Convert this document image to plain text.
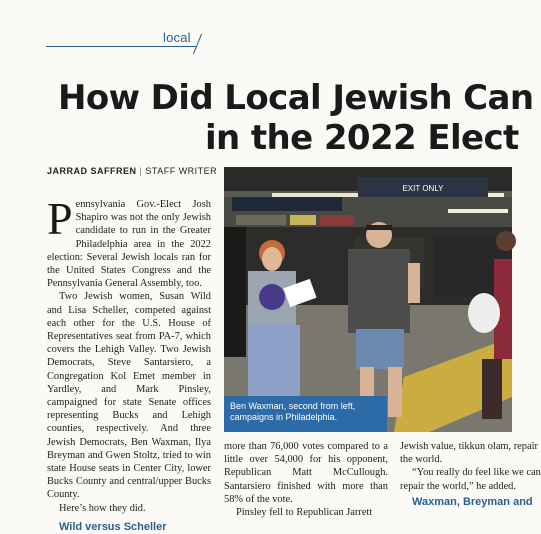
local
How Did Local Jewish Can
in the 2022 Elect
JARRAD SAFFREN | STAFF WRITER

Pennsylvania Gov.-Elect Josh Shapiro was not the only Jewish candidate to run in the Greater Philadelphia area in the 2022 election: Several Jewish locals ran for the United States Congress and the Pennsylvania General Assembly, too.

Two Jewish women, Susan Wild and Lisa Scheller, competed against each other for the U.S. House of Representatives seat from PA-7, which covers the Lehigh Valley. Two Jewish Democrats, Steve Santarsiero, a Congregation Kol Emet member in Yardley, and Mark Pinsley, campaigned for state Senate offices representing Bucks and Lehigh counties, respectively. And three Jewish Democrats, Ben Waxman, Ilya Breyman and Gwen Stoltz, tried to win state House seats in Center City, lower Bucks County and central/upper Bucks County.

Here’s how they did.

Wild versus Scheller

EXIT ONLY
Ben Waxman, second from left, campaigns in Philadelphia.

more than 76,000 votes compared to a little over 54,000 for his opponent, Republican Matt McCullough. Santarsiero finished with more than 58% of the vote.

Pinsley fell to Republican Jarrett

Jewish value, tikkun olam, repair
the world.

“You really do feel like we can
repair the world,” he added.

Waxman, Breyman and
